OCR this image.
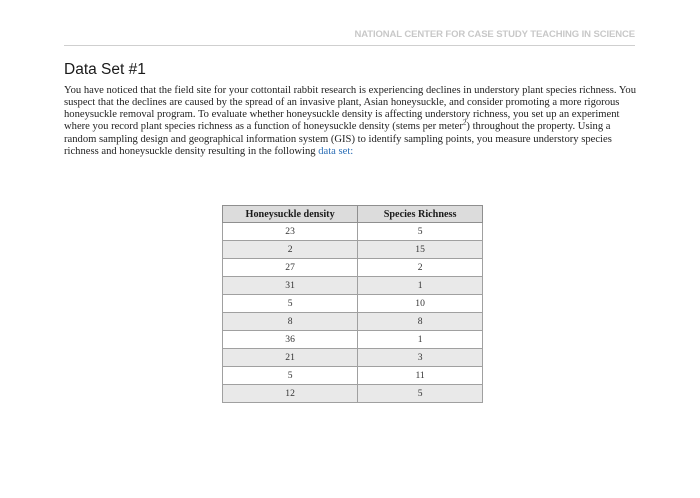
NATIONAL CENTER FOR CASE STUDY TEACHING IN SCIENCE
Data Set #1

You have noticed that the field site for your cottontail rabbit research is experiencing declines in understory plant species richness. You suspect that the declines are caused by the spread of an invasive plant, Asian honeysuckle, and consider promoting a more rigorous honeysuckle removal program. To evaluate whether honeysuckle density is affecting understory richness, you set up an experiment where you record plant species richness as a function of honeysuckle density (stems per meter$^2$) throughout the property. Using a random sampling design and geographical information system (GIS) to identify sampling points, you measure understory species richness and honeysuckle density resulting in the following data set:

Honeysuckle density	Species Richness
23	5
2	15
27	2
31	1
5	10
8	8
36	1
21	3
5	11
12	5
